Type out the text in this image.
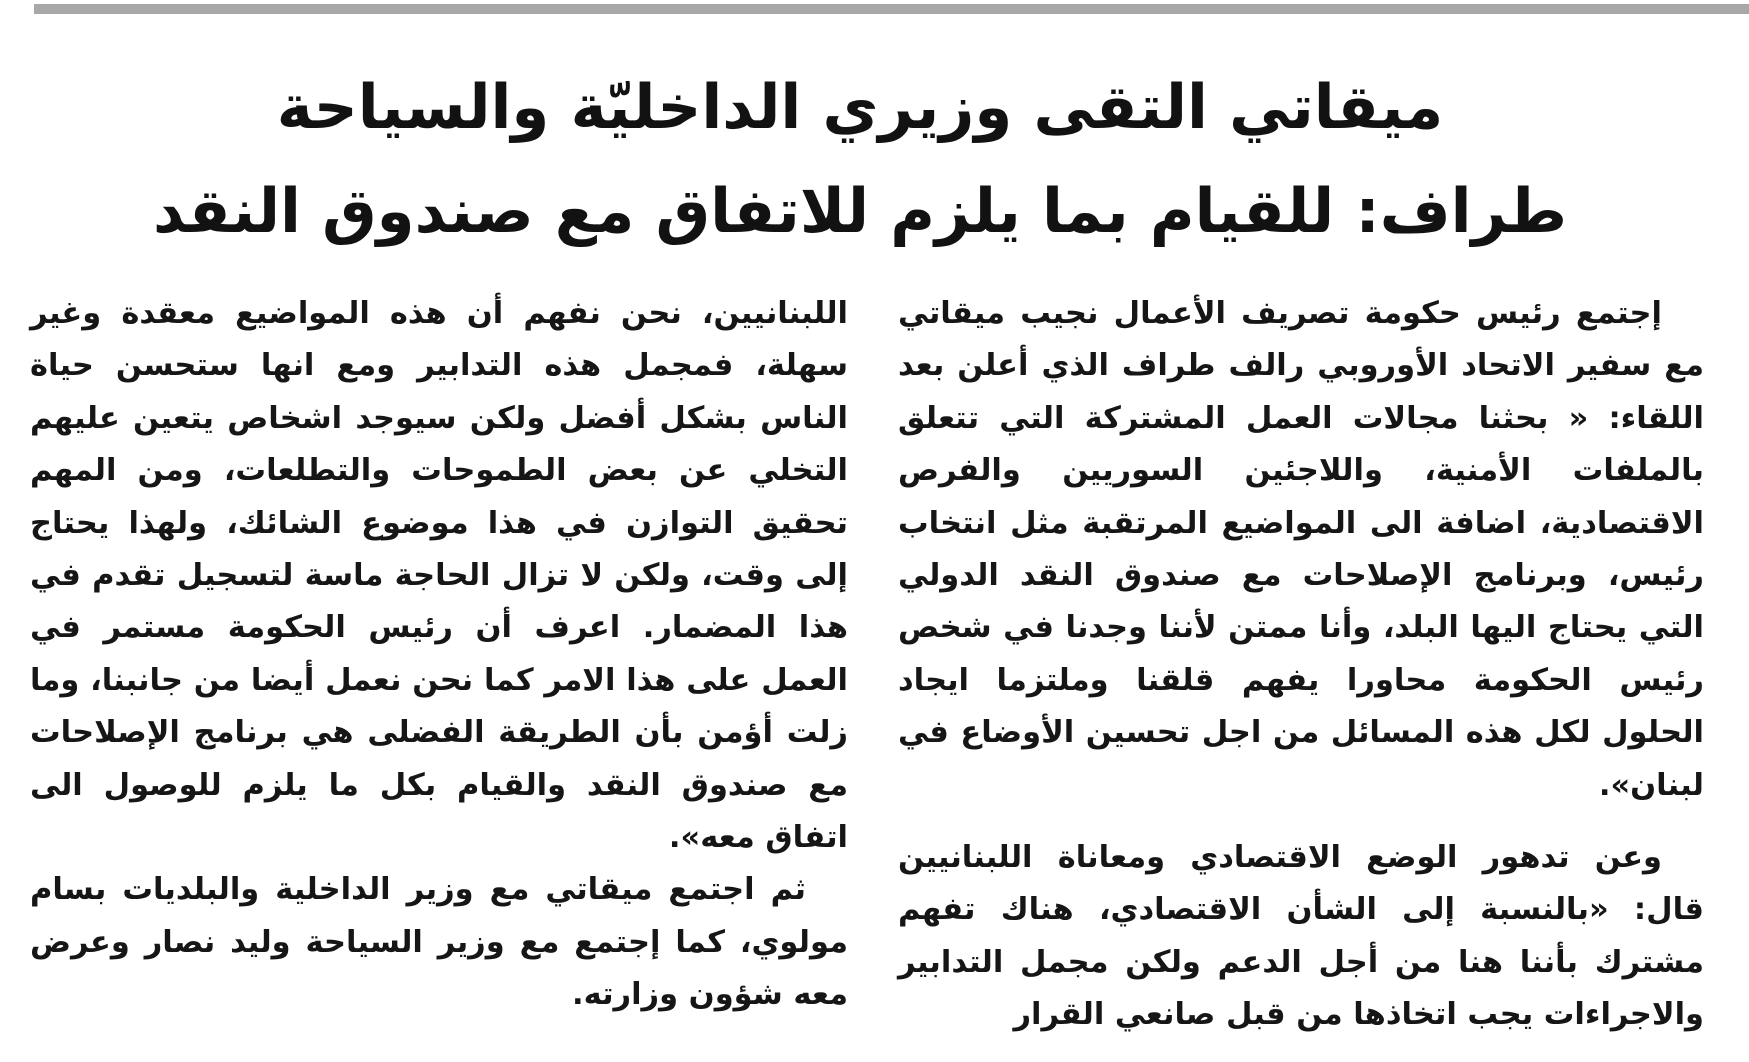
ميقاتي التقى وزيري الداخليّة والسياحة
طراف: للقيام بما يلزم للاتفاق مع صندوق النقد

إجتمع رئيس حكومة تصريف الأعمال نجيب ميقاتي مع سفير الاتحاد الأوروبي رالف طراف الذي أعلن بعد اللقاء: « بحثنا مجالات العمل المشتركة التي تتعلق بالملفات الأمنية، واللاجئين السوريين والفرص الاقتصادية، اضافة الى المواضيع المرتقبة مثل انتخاب رئيس، وبرنامج الإصلاحات مع صندوق النقد الدولي التي يحتاج اليها البلد، وأنا ممتن لأننا وجدنا في شخص رئيس الحكومة محاورا يفهم قلقنا وملتزما ايجاد الحلول لكل هذه المسائل من اجل تحسين الأوضاع في لبنان».

وعن تدهور الوضع الاقتصادي ومعاناة اللبنانيين قال: «بالنسبة إلى الشأن الاقتصادي، هناك تفهم مشترك بأننا هنا من أجل الدعم ولكن مجمل التدابير والاجراءات يجب اتخاذها من قبل صانعي القرار

اللبنانيين، نحن نفهم أن هذه المواضيع معقدة وغير سهلة، فمجمل هذه التدابير ومع انها ستحسن حياة الناس بشكل أفضل ولكن سيوجد اشخاص يتعين عليهم التخلي عن بعض الطموحات والتطلعات، ومن المهم تحقيق التوازن في هذا موضوع الشائك، ولهذا يحتاج إلى وقت، ولكن لا تزال الحاجة ماسة لتسجيل تقدم في هذا المضمار. اعرف أن رئيس الحكومة مستمر في العمل على هذا الامر كما نحن نعمل أيضا من جانبنا، وما زلت أؤمن بأن الطريقة الفضلى هي برنامج الإصلاحات مع صندوق النقد والقيام بكل ما يلزم للوصول الى اتفاق معه».

ثم اجتمع ميقاتي مع وزير الداخلية والبلديات بسام مولوي، كما إجتمع مع وزير السياحة وليد نصار وعرض معه شؤون وزارته.
